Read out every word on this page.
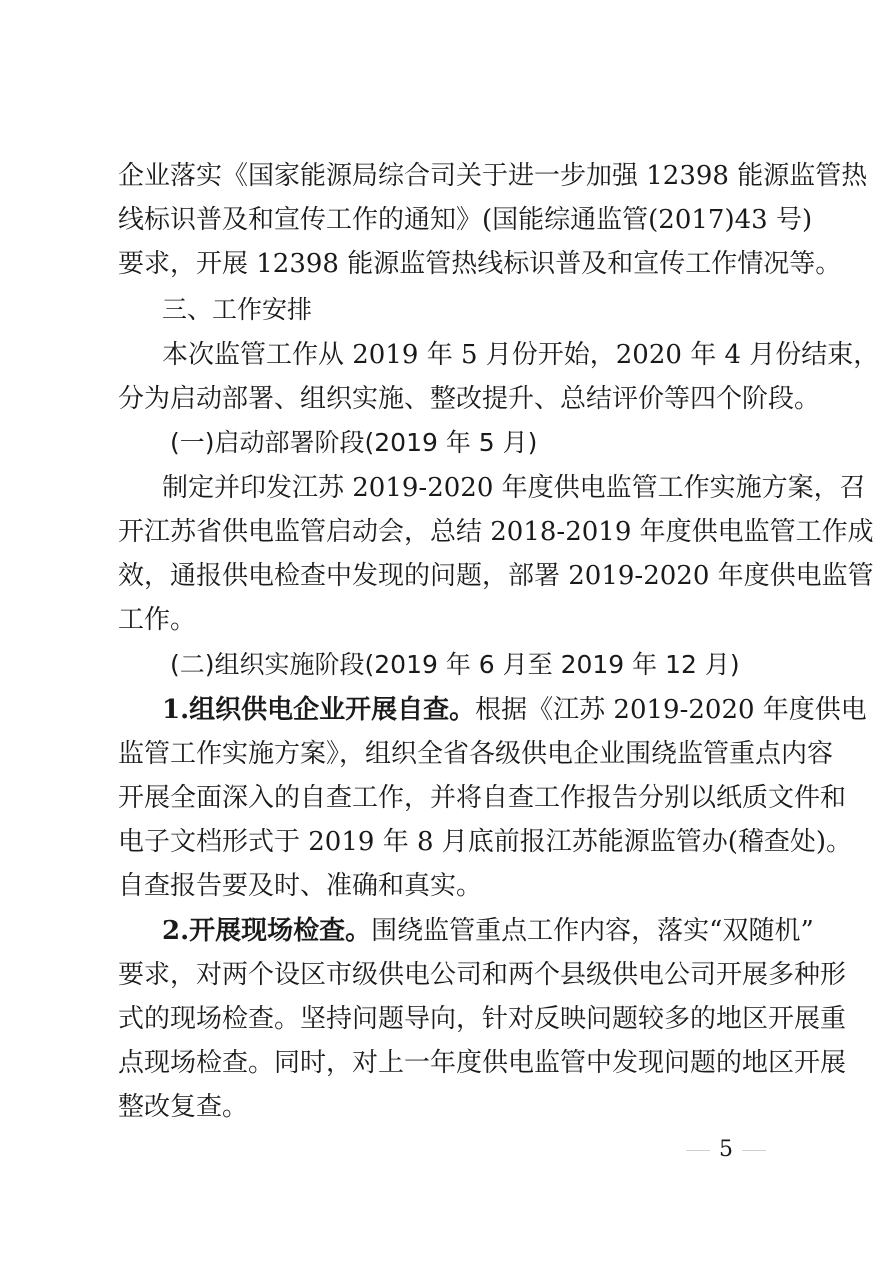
企业落实《国家能源局综合司关于进一步加强 12398 能源监管热
线标识普及和宣传工作的通知》(国能综通监管(2017)43 号)
要求，开展 12398 能源监管热线标识普及和宣传工作情况等。
三、工作安排
本次监管工作从 2019 年 5 月份开始，2020 年 4 月份结束，
分为启动部署、组织实施、整改提升、总结评价等四个阶段。
(一)启动部署阶段(2019 年 5 月)
制定并印发江苏 2019-2020 年度供电监管工作实施方案，召
开江苏省供电监管启动会，总结 2018-2019 年度供电监管工作成
效，通报供电检查中发现的问题，部署 2019-2020 年度供电监管
工作。
(二)组织实施阶段(2019 年 6 月至 2019 年 12 月)
1.组织供电企业开展自查。根据《江苏 2019-2020 年度供电
监管工作实施方案》，组织全省各级供电企业围绕监管重点内容
开展全面深入的自查工作，并将自查工作报告分别以纸质文件和
电子文档形式于 2019 年 8 月底前报江苏能源监管办(稽查处)。
自查报告要及时、准确和真实。
2.开展现场检查。围绕监管重点工作内容，落实“双随机”
要求，对两个设区市级供电公司和两个县级供电公司开展多种形
式的现场检查。坚持问题导向，针对反映问题较多的地区开展重
点现场检查。同时，对上一年度供电监管中发现问题的地区开展
整改复查。
5
